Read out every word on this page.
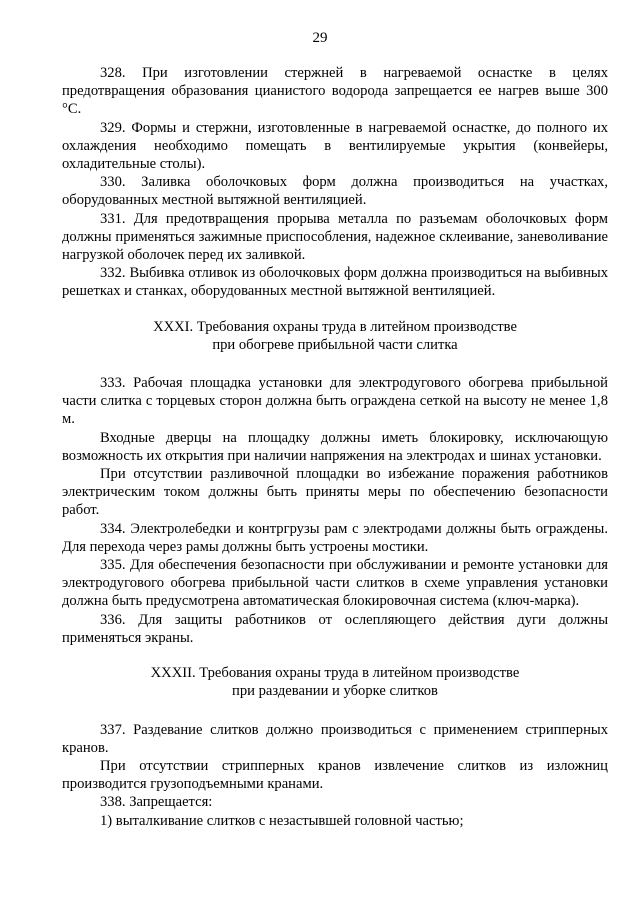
29

328. При изготовлении стержней в нагреваемой оснастке в целях предотвращения образования цианистого водорода запрещается ее нагрев выше 300 °С.

329. Формы и стержни, изготовленные в нагреваемой оснастке, до полного их охлаждения необходимо помещать в вентилируемые укрытия (конвейеры, охладительные столы).

330. Заливка оболочковых форм должна производиться на участках, оборудованных местной вытяжной вентиляцией.

331. Для предотвращения прорыва металла по разъемам оболочковых форм должны применяться зажимные приспособления, надежное склеивание, заневоливание нагрузкой оболочек перед их заливкой.

332. Выбивка отливок из оболочковых форм должна производиться на выбивных решетках и станках, оборудованных местной вытяжной вентиляцией.

XXXI. Требования охраны труда в литейном производстве

при обогреве прибыльной части слитка

333. Рабочая площадка установки для электродугового обогрева прибыльной части слитка с торцевых сторон должна быть ограждена сеткой на высоту не менее 1,8 м.

Входные дверцы на площадку должны иметь блокировку, исключающую возможность их открытия при наличии напряжения на электродах и шинах установки.

При отсутствии разливочной площадки во избежание поражения работников электрическим током должны быть приняты меры по обеспечению безопасности работ.

334. Электролебедки и контргрузы рам с электродами должны быть ограждены. Для перехода через рамы должны быть устроены мостики.

335. Для обеспечения безопасности при обслуживании и ремонте установки для электродугового обогрева прибыльной части слитков в схеме управления установки должна быть предусмотрена автоматическая блокировочная система (ключ-марка).

336. Для защиты работников от ослепляющего действия дуги должны применяться экраны.

XXXII. Требования охраны труда в литейном производстве

при раздевании и уборке слитков

337. Раздевание слитков должно производиться с применением стрипперных кранов.

При отсутствии стрипперных кранов извлечение слитков из изложниц производится грузоподъемными кранами.

338. Запрещается:

1) выталкивание слитков с незастывшей головной частью;
